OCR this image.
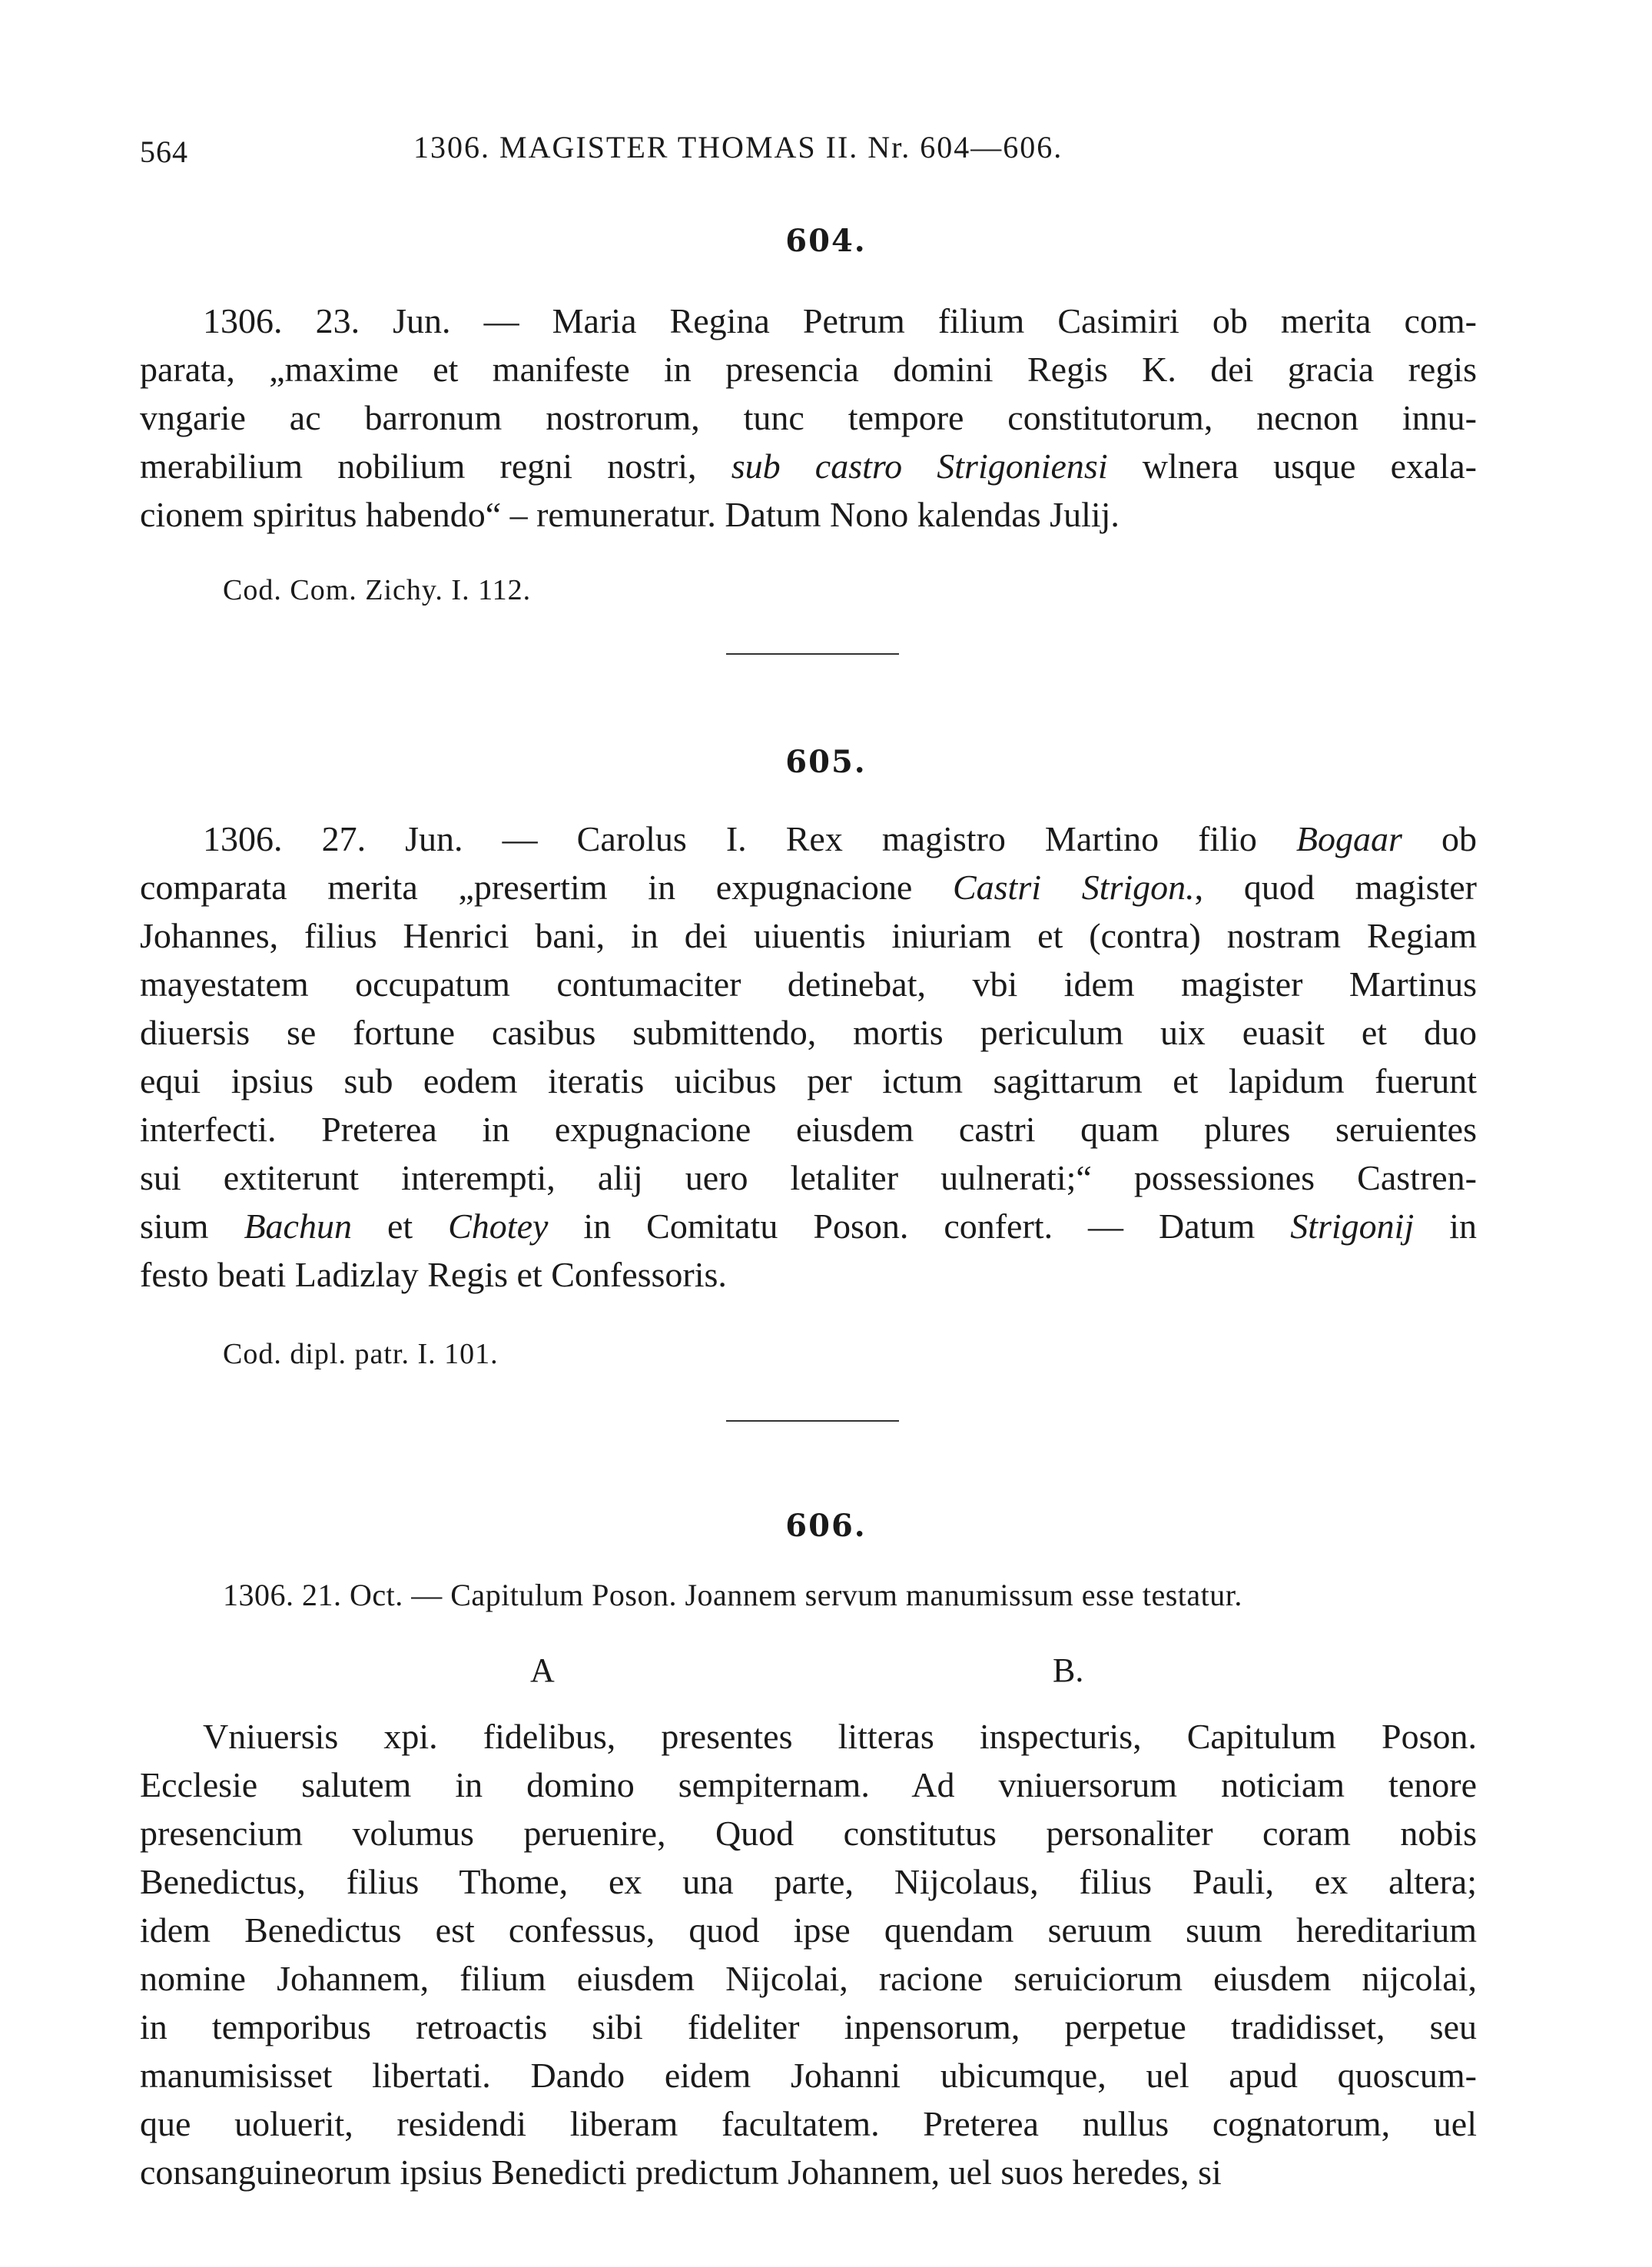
564	1306. MAGISTER THOMAS II. Nr. 604—606.
604.
1306. 23. Jun. — Maria Regina Petrum filium Casimiri ob merita com-
parata, „maxime et manifeste in presencia domini Regis K. dei gracia regis
vngarie ac barronum nostrorum, tunc tempore constitutorum, necnon innu-
merabilium nobilium regni nostri, sub castro Strigoniensi wlnera usque exala-
cionem spiritus habendo“ – remuneratur. Datum Nono kalendas Julij.
Cod. Com. Zichy. I. 112.
605.
1306. 27. Jun. — Carolus I. Rex magistro Martino filio Bogaar ob
comparata merita „presertim in expugnacione Castri Strigon., quod magister
Johannes, filius Henrici bani, in dei uiuentis iniuriam et (contra) nostram Regiam
mayestatem occupatum contumaciter detinebat, vbi idem magister Martinus
diuersis se fortune casibus submittendo, mortis periculum uix euasit et duo
equi ipsius sub eodem iteratis uicibus per ictum sagittarum et lapidum fuerunt
interfecti. Preterea in expugnacione eiusdem castri quam plures seruientes
sui extiterunt interempti, alij uero letaliter uulnerati;“ possessiones Castren-
sium Bachun et Chotey in Comitatu Poson. confert. — Datum Strigonij in
festo beati Ladizlay Regis et Confessoris.
Cod. dipl. patr. I. 101.
606.
1306. 21. Oct. — Capitulum Poson. Joannem servum manumissum esse testatur.
A	B.
Vniuersis xpi. fidelibus, presentes litteras inspecturis, Capitulum Poson.
Ecclesie salutem in domino sempiternam. Ad vniuersorum noticiam tenore
presencium volumus peruenire, Quod constitutus personaliter coram nobis
Benedictus, filius Thome, ex una parte, Nijcolaus, filius Pauli, ex altera;
idem Benedictus est confessus, quod ipse quendam seruum suum hereditarium
nomine Johannem, filium eiusdem Nijcolai, racione seruiciorum eiusdem nijcolai,
in temporibus retroactis sibi fideliter inpensorum, perpetue tradidisset, seu
manumisisset libertati. Dando eidem Johanni ubicumque, uel apud quoscum-
que uoluerit, residendi liberam facultatem. Preterea nullus cognatorum, uel
consanguineorum ipsius Benedicti predictum Johannem, uel suos heredes, si
